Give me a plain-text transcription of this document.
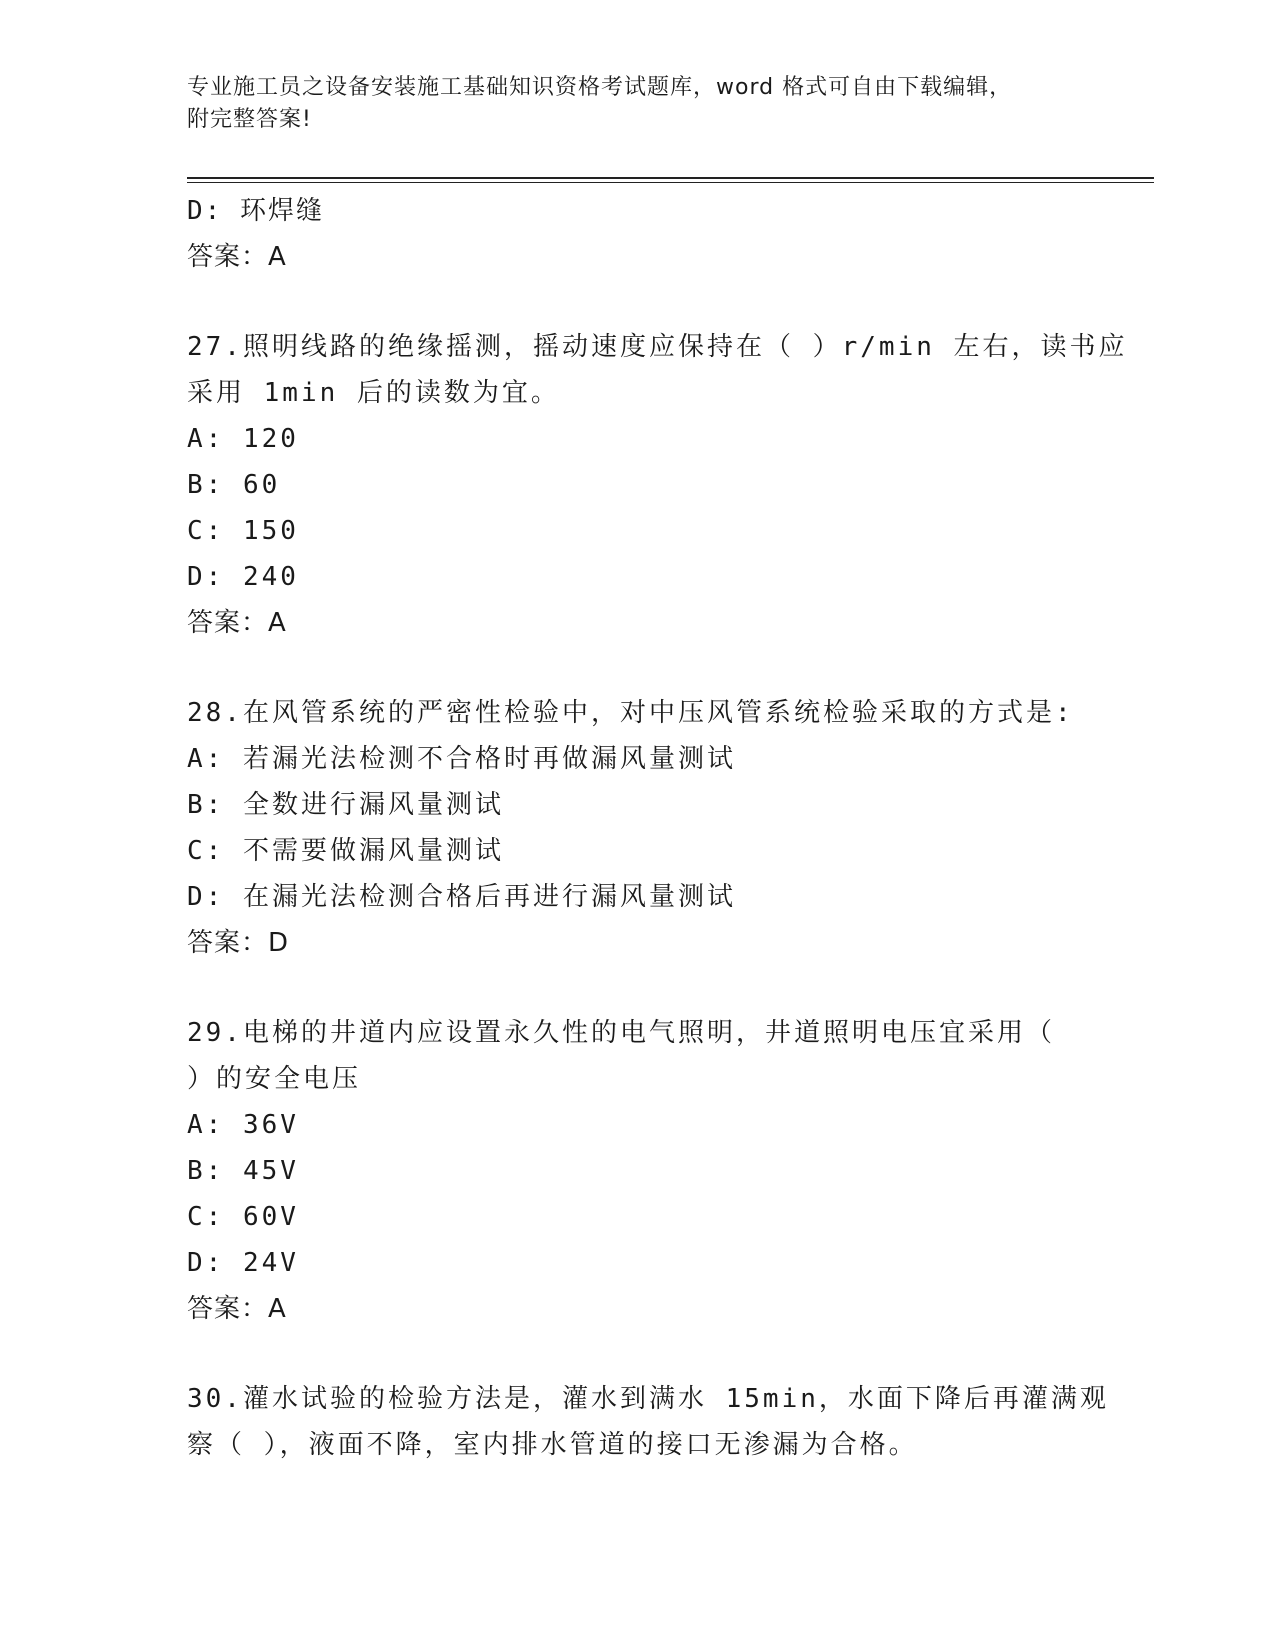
专业施工员之设备安装施工基础知识资格考试题库，word 格式可自由下载编辑，
附完整答案!
D: 环焊缝
答案：A
27.照明线路的绝缘摇测，摇动速度应保持在（ ）r/min 左右，读书应
采用 1min 后的读数为宜。
A: 120
B: 60
C: 150
D: 240
答案：A
28.在风管系统的严密性检验中，对中压风管系统检验采取的方式是:
A: 若漏光法检测不合格时再做漏风量测试
B: 全数进行漏风量测试
C: 不需要做漏风量测试
D: 在漏光法检测合格后再进行漏风量测试
答案：D
29.电梯的井道内应设置永久性的电气照明，井道照明电压宜采用（
）的安全电压
A: 36V
B: 45V
C: 60V
D: 24V
答案：A
30.灌水试验的检验方法是，灌水到满水 15min，水面下降后再灌满观
察（ ），液面不降，室内排水管道的接口无渗漏为合格。
